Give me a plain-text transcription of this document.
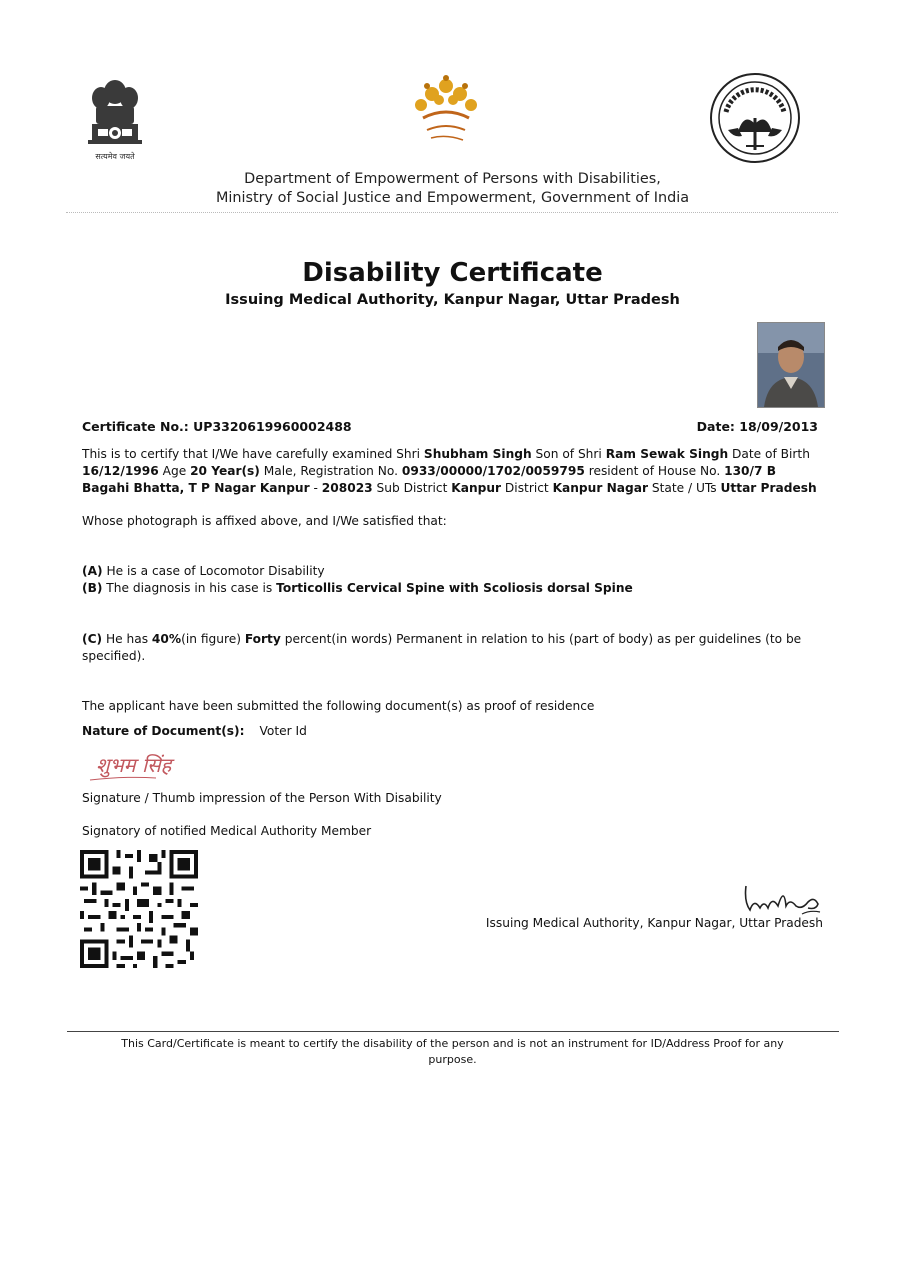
सत्यमेव जयते
Department of Empowerment of Persons with Disabilities,
Ministry of Social Justice and Empowerment, Government of India
Disability Certificate
Issuing Medical Authority, Kanpur Nagar, Uttar Pradesh
Certificate No.: UP3320619960002488	Date: 18/09/2013
This is to certify that I/We have carefully examined Shri Shubham Singh Son of Shri Ram Sewak Singh Date of Birth 16/12/1996 Age 20 Year(s) Male, Registration No. 0933/00000/1702/0059795 resident of House No. 130/7 B Bagahi Bhatta, T P Nagar Kanpur - 208023 Sub District Kanpur District Kanpur Nagar State / UTs Uttar Pradesh
Whose photograph is affixed above, and I/We satisfied that:
(A) He is a case of Locomotor Disability
(B) The diagnosis in his case is Torticollis Cervical Spine with Scoliosis dorsal Spine
(C) He has 40%(in figure) Forty percent(in words) Permanent in relation to his (part of body) as per guidelines (to be specified).
The applicant have been submitted the following document(s) as proof of residence
Nature of Document(s): Voter Id
शुभम सिंह
Signature / Thumb impression of the Person With Disability
Signatory of notified Medical Authority Member
Issuing Medical Authority, Kanpur Nagar, Uttar Pradesh
This Card/Certificate is meant to certify the disability of the person and is not an instrument for ID/Address Proof for any purpose.
